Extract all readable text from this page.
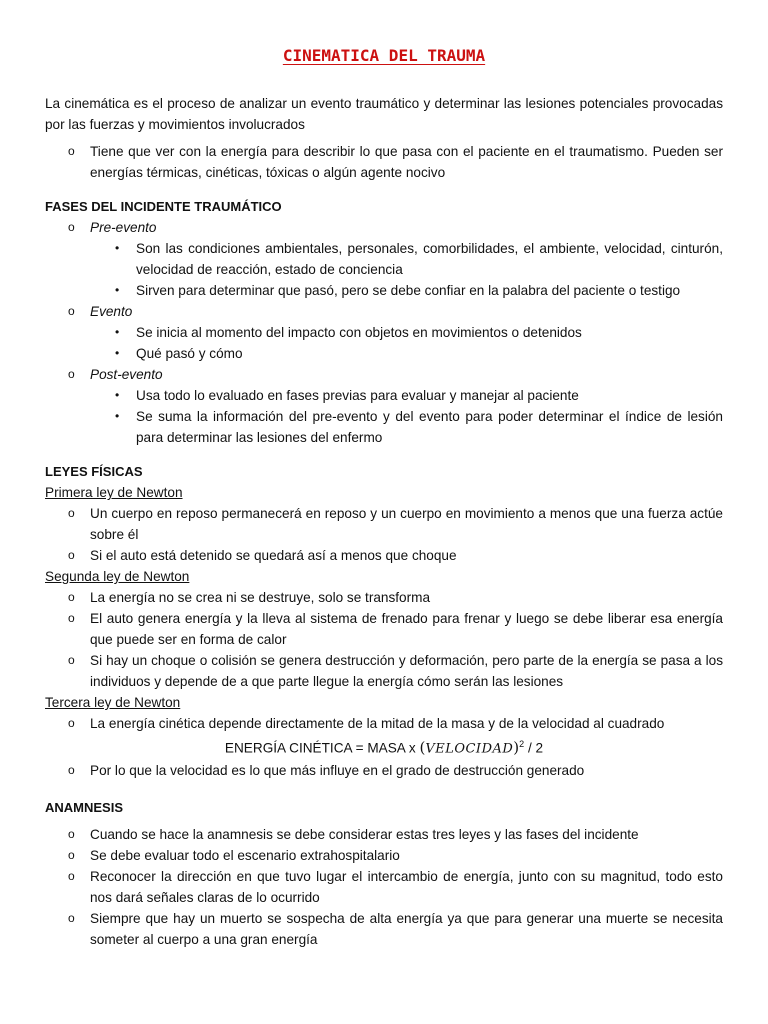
CINEMATICA DEL TRAUMA

La cinemática es el proceso de analizar un evento traumático y determinar las lesiones potenciales provocadas por las fuerzas y movimientos involucrados

o Tiene que ver con la energía para describir lo que pasa con el paciente en el traumatismo. Pueden ser energías térmicas, cinéticas, tóxicas o algún agente nocivo
FASES DEL INCIDENTE TRAUMÁTICO
o Pre-evento
• Son las condiciones ambientales, personales, comorbilidades, el ambiente, velocidad, cinturón, velocidad de reacción, estado de conciencia
• Sirven para determinar que pasó, pero se debe confiar en la palabra del paciente o testigo
o Evento
• Se inicia al momento del impacto con objetos en movimientos o detenidos
• Qué pasó y cómo
o Post-evento
• Usa todo lo evaluado en fases previas para evaluar y manejar al paciente
• Se suma la información del pre-evento y del evento para poder determinar el índice de lesión para determinar las lesiones del enfermo
LEYES FÍSICAS
Primera ley de Newton
o Un cuerpo en reposo permanecerá en reposo y un cuerpo en movimiento a menos que una fuerza actúe sobre él
o Si el auto está detenido se quedará así a menos que choque
Segunda ley de Newton
o La energía no se crea ni se destruye, solo se transforma
o El auto genera energía y la lleva al sistema de frenado para frenar y luego se debe liberar esa energía que puede ser en forma de calor
o Si hay un choque o colisión se genera destrucción y deformación, pero parte de la energía se pasa a los individuos y depende de a que parte llegue la energía cómo serán las lesiones
Tercera ley de Newton
o La energía cinética depende directamente de la mitad de la masa y de la velocidad al cuadrado
ENERGÍA CINÉTICA = MASA x (VELOCIDAD)$^2$ / 2
o Por lo que la velocidad es lo que más influye en el grado de destrucción generado
ANAMNESIS
o Cuando se hace la anamnesis se debe considerar estas tres leyes y las fases del incidente
o Se debe evaluar todo el escenario extrahospitalario
o Reconocer la dirección en que tuvo lugar el intercambio de energía, junto con su magnitud, todo esto nos dará señales claras de lo ocurrido
o Siempre que hay un muerto se sospecha de alta energía ya que para generar una muerte se necesita someter al cuerpo a una gran energía
